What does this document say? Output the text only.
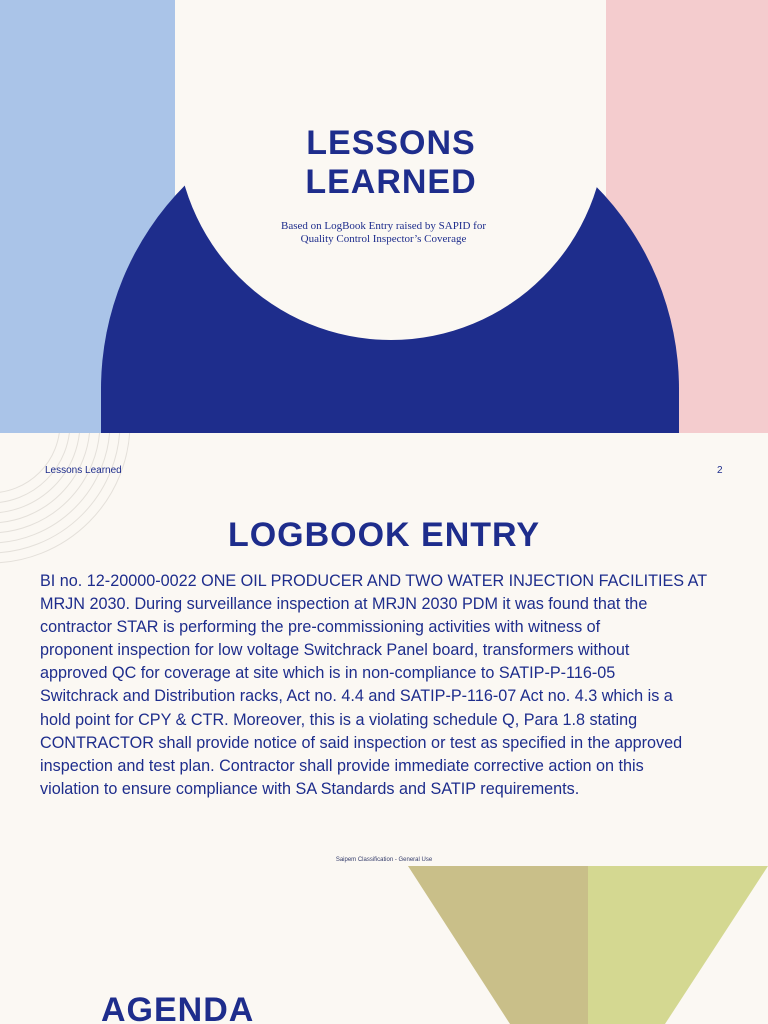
LESSONS
LEARNED
Based on LogBook Entry raised by SAPID for
Quality Control Inspector’s Coverage
Lessons Learned	2
LOGBOOK ENTRY
BI no. 12-20000-0022 ONE OIL PRODUCER AND TWO WATER INJECTION FACILITIES AT
MRJN 2030. During surveillance inspection at MRJN 2030 PDM it was found that the
contractor STAR is performing the pre-commissioning activities with witness of
proponent inspection for low voltage Switchrack Panel board, transformers without
approved QC for coverage at site which is in non-compliance to SATIP-P-116-05
Switchrack and Distribution racks, Act no. 4.4 and SATIP-P-116-07 Act no. 4.3 which is a
hold point for CPY & CTR. Moreover, this is a violating schedule Q, Para 1.8 stating
CONTRACTOR shall provide notice of said inspection or test as specified in the approved
inspection and test plan. Contractor shall provide immediate corrective action on this
violation to ensure compliance with SA Standards and SATIP requirements.
Saipem Classification - General Use
AGENDA
